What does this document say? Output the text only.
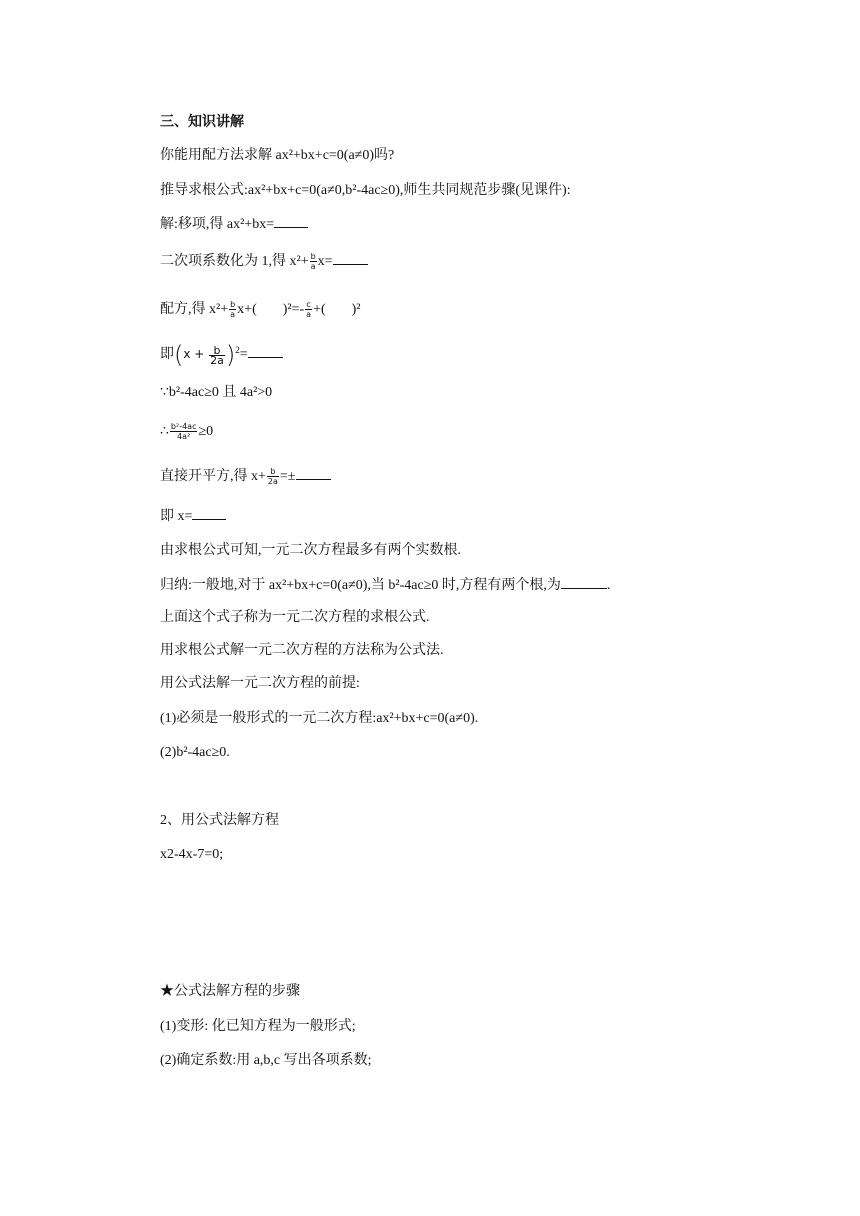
三、知识讲解
你能用配方法求解 ax²+bx+c=0(a≠0)吗?
推导求根公式:ax²+bx+c=0(a≠0,b²-4ac≥0),师生共同规范步骤(见课件):
解:移项,得 ax²+bx=
二次项系数化为 1,得 $x^2+ \frac{b}{a} x=$
配方,得 $x^2+ \frac{b}{a} x+$( )$^2=- \frac{c}{a}$ +( )²
即$(x + \frac{b}{2a} )^2=$
∵b²-4ac≥0 且 4a²>0
∴ $\frac{\text{b²-4ac}}{\text{4a²}} \ge 0$
直接开平方,得 $x+ \frac{b}{2a}$ =±
即 x=
由求根公式可知,一元二次方程最多有两个实数根.
归纳:一般地,对于 ax²+bx+c=0(a≠0),当 b²-4ac≥0 时,方程有两个根,为	.
上面这个式子称为一元二次方程的求根公式.
用求根公式解一元二次方程的方法称为公式法.
用公式法解一元二次方程的前提:
(1)必须是一般形式的一元二次方程:ax²+bx+c=0(a≠0).
(2)b²-4ac≥0.
2、用公式法解方程
x2-4x-7=0;
★公式法解方程的步骤
(1)变形: 化已知方程为一般形式;
(2)确定系数:用 a,b,c 写出各项系数;
